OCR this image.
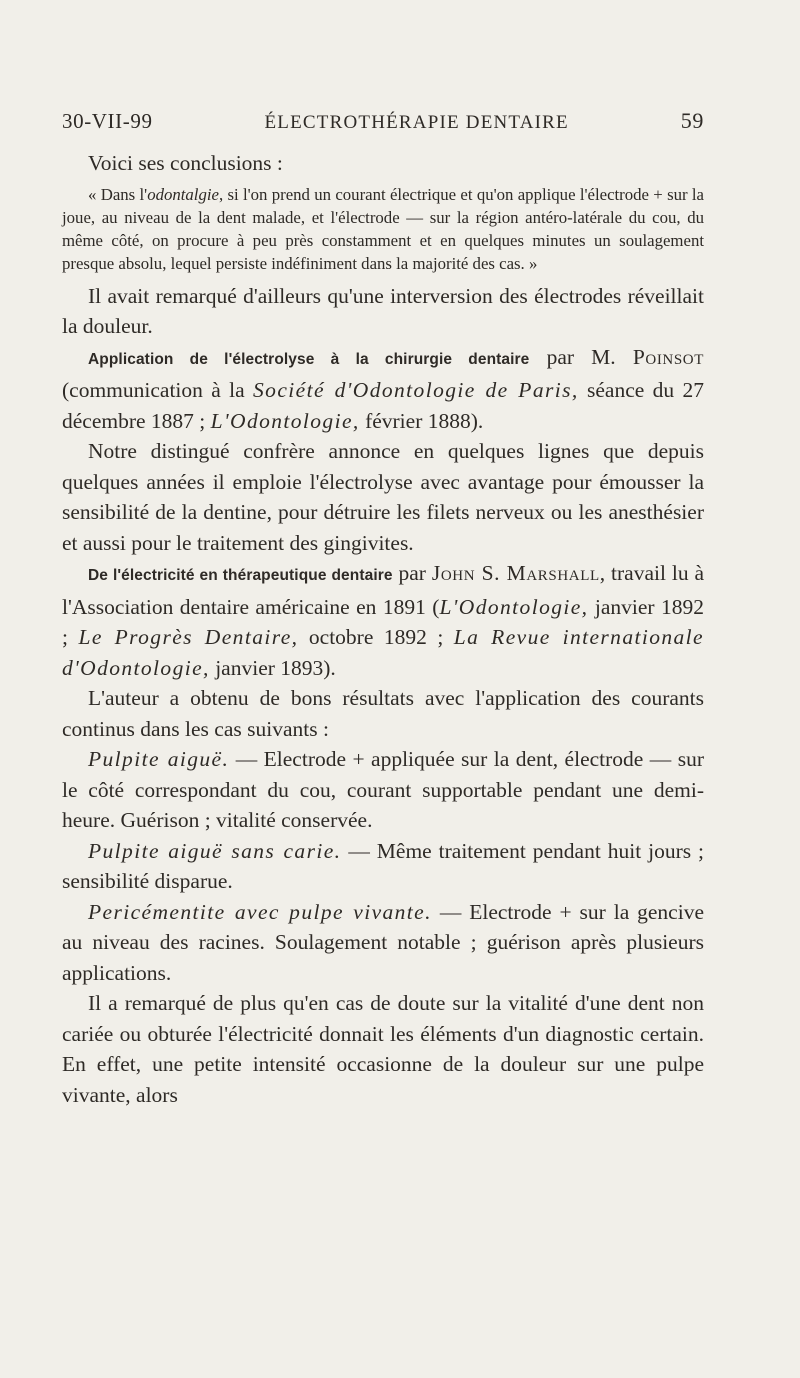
30-VII-99	ÉLECTROTHÉRAPIE DENTAIRE	59

Voici ses conclusions :

« Dans l'odontalgie, si l'on prend un courant électrique et qu'on applique l'électrode + sur la joue, au niveau de la dent malade, et l'électrode — sur la région antéro-latérale du cou, du même côté, on procure à peu près constamment et en quelques minutes un soulagement presque absolu, lequel persiste indéfiniment dans la majorité des cas. »

Il avait remarqué d'ailleurs qu'une interversion des électrodes réveillait la douleur.

Application de l'électrolyse à la chirurgie dentaire par M. Poinsot (communication à la Société d'Odontologie de Paris, séance du 27 décembre 1887 ; L'Odontologie, février 1888).

Notre distingué confrère annonce en quelques lignes que depuis quelques années il emploie l'électrolyse avec avantage pour émousser la sensibilité de la dentine, pour détruire les filets nerveux ou les anesthésier et aussi pour le traitement des gingivites.

De l'électricité en thérapeutique dentaire par John S. Marshall, travail lu à l'Association dentaire américaine en 1891 (L'Odontologie, janvier 1892 ; Le Progrès Dentaire, octobre 1892 ; La Revue internationale d'Odontologie, janvier 1893).

L'auteur a obtenu de bons résultats avec l'application des courants continus dans les cas suivants :

Pulpite aiguë. — Electrode + appliquée sur la dent, électrode — sur le côté correspondant du cou, courant supportable pendant une demi-heure. Guérison ; vitalité conservée.

Pulpite aiguë sans carie. — Même traitement pendant huit jours ; sensibilité disparue.

Pericémentite avec pulpe vivante. — Electrode + sur la gencive au niveau des racines. Soulagement notable ; guérison après plusieurs applications.

Il a remarqué de plus qu'en cas de doute sur la vitalité d'une dent non cariée ou obturée l'électricité donnait les éléments d'un diagnostic certain. En effet, une petite intensité occasionne de la douleur sur une pulpe vivante, alors
